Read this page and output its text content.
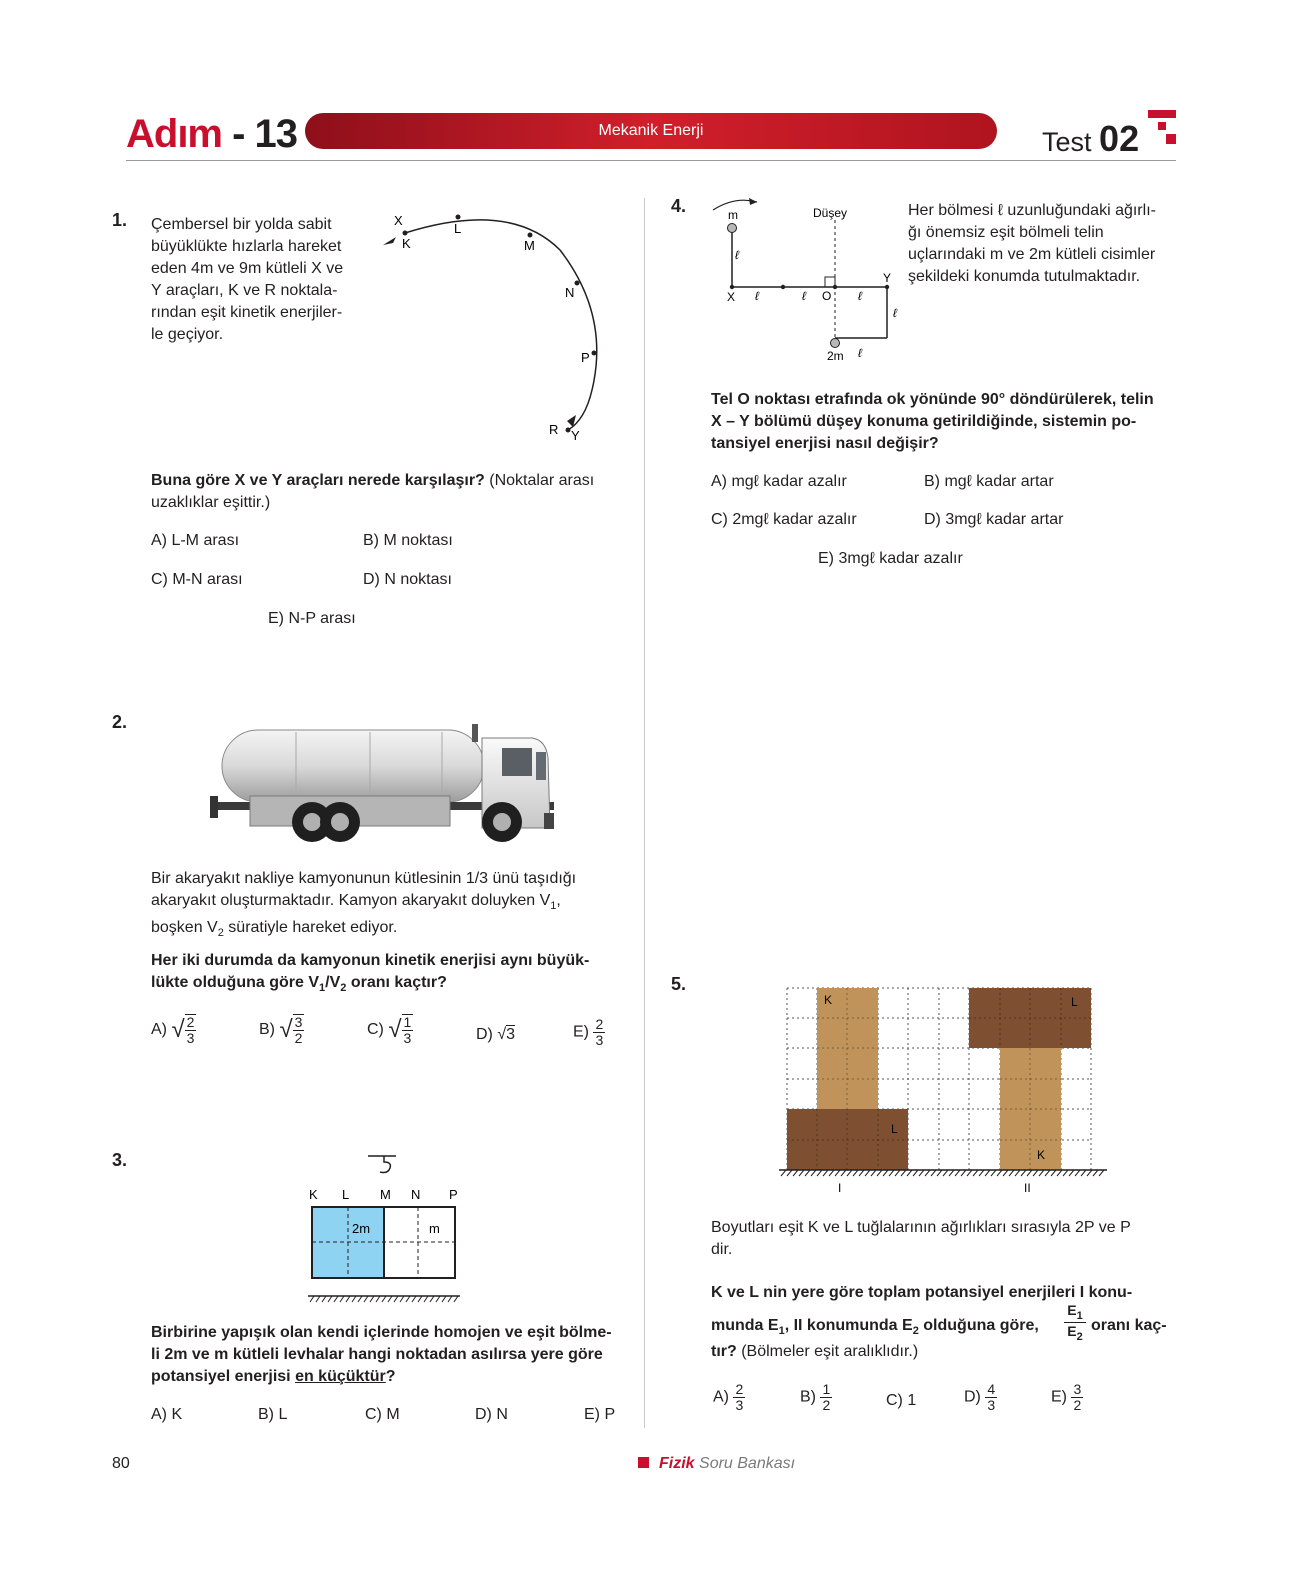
Adım - 13	Mekanik Enerji	Test 02
1. Çembersel bir yolda sabit
büyüklükte hızlarla hareket
eden 4m ve 9m kütleli X ve
Y araçları, K ve R noktala-
rından eşit kinetik enerjiler-
le geçiyor.
X
K
L
M
N
P
R Y
Buna göre X ve Y araçları nerede karşılaşır? (Noktalar arası
uzaklıklar eşittir.)
A) L-M arası	B) M noktası
C) M-N arası	D) N noktası
E) N-P arası
2.
Bir akaryakıt nakliye kamyonunun kütlesinin 1/3 ünü taşıdığı
akaryakıt oluşturmaktadır. Kamyon akaryakıt doluyken $V_1$,
boşken $V_2$ süratiyle hareket ediyor.
Her iki durumda da kamyonun kinetik enerjisi aynı büyük-
lükte olduğuna göre $V_1/V_2$ oranı kaçtır?
A) √ $\frac{2}{3}$	B) √ $\frac{3}{2}$	C) √ $\frac{1}{3}$	D) √3	$E) \frac{2}{3}$
3.
K L M N P
2m	m
Birbirine yapışık olan kendi içlerinde homojen ve eşit bölme-
li 2m ve m kütleli levhalar hangi noktadan asılırsa yere göre
potansiyel enerjisi en küçüktür?
A) K	B) L	C) M	D) N	E) P
4.	m	Düşey
ℓ
X ℓ	ℓ O ℓ
Y
ℓ
2m ℓ
Her bölmesi ℓ uzunluğundaki ağırlı-
ğı önemsiz eşit bölmeli telin
uçlarındaki m ve 2m kütleli cisimler
şekildeki konumda tutulmaktadır.
Tel O noktası etrafında ok yönünde 90° döndürülerek, telin
X – Y bölümü düşey konuma getirildiğinde, sistemin po-
tansiyel enerjisi nasıl değişir?
A) mgℓ kadar azalır	B) mgℓ kadar artar
C) 2mgℓ kadar azalır	D) 3mgℓ kadar artar
E) 3mgℓ kadar azalır
5.
K
L
L
K
I	II
Boyutları eşit K ve L tuğlalarının ağırlıkları sırasıyla 2P ve P
dir.
K ve L nin yere göre toplam potansiyel enerjileri I konu-
munda $E_1$, II konumunda $E_2$ olduğuna göre,
$E_1$
$E_2$
oranı kaç-
tır? (Bölmeler eşit aralıklıdır.)
$A) \frac{2}{3}$	$B) \frac{1}{2}$	C) 1	$D) \frac{4}{3}$	$E) \frac{3}{2}$
80	Fizik Soru Bankası
